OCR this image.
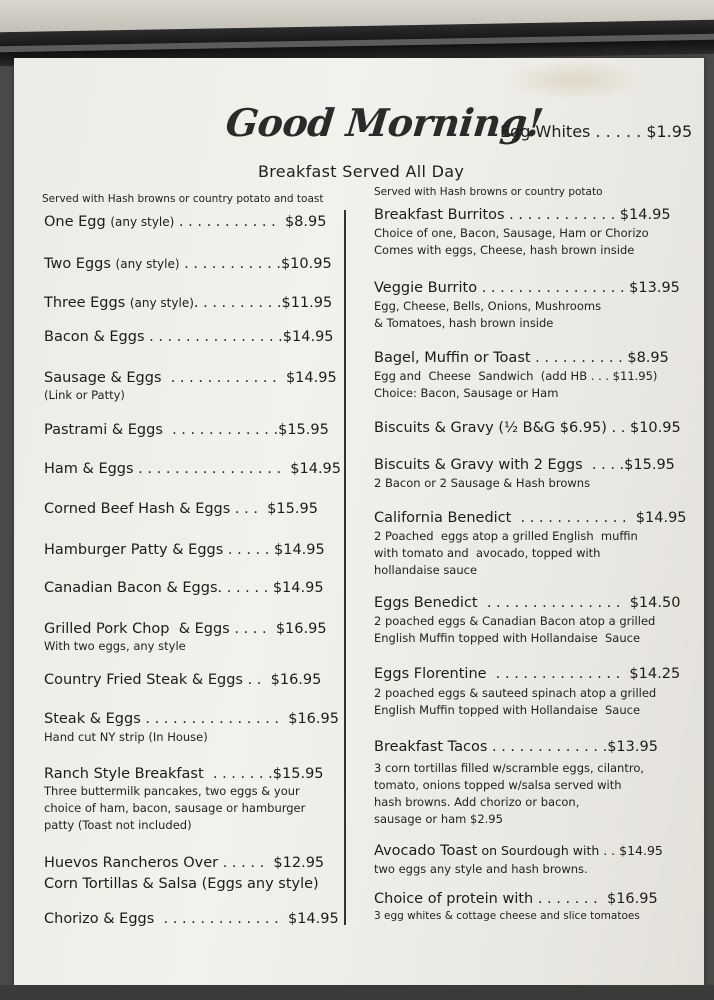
Good Morning!
Egg Whites . . . . . $1.95
Breakfast Served All Day
Served with Hash browns or country potato and toast
One Egg (any style) . . . . . . . . . . .  $8.95
Two Eggs (any style) . . . . . . . . . . .$10.95
Three Eggs (any style). . . . . . . . . .$11.95
Bacon & Eggs . . . . . . . . . . . . . . .$14.95
Sausage & Eggs  . . . . . . . . . . . .  $14.95
(Link or Patty)
Pastrami & Eggs  . . . . . . . . . . . .$15.95
Ham & Eggs . . . . . . . . . . . . . . . .  $14.95
Corned Beef Hash & Eggs . . .  $15.95
Hamburger Patty & Eggs . . . . . $14.95
Canadian Bacon & Eggs. . . . . . $14.95
Grilled Pork Chop  & Eggs . . . .  $16.95
With two eggs, any style
Country Fried Steak & Eggs . .  $16.95
Steak & Eggs . . . . . . . . . . . . . . .  $16.95
Hand cut NY strip (In House)
Ranch Style Breakfast  . . . . . . .$15.95
Three buttermilk pancakes, two eggs & your
choice of ham, bacon, sausage or hamburger
patty (Toast not included)
Huevos Rancheros Over . . . . .  $12.95
Corn Tortillas & Salsa (Eggs any style)
Chorizo & Eggs  . . . . . . . . . . . . .  $14.95
Served with Hash browns or country potato
Breakfast Burritos . . . . . . . . . . . . $14.95
Choice of one, Bacon, Sausage, Ham or Chorizo
Comes with eggs, Cheese, hash brown inside
Veggie Burrito . . . . . . . . . . . . . . . . $13.95
Egg, Cheese, Bells, Onions, Mushrooms
& Tomatoes, hash brown inside
Bagel, Muffin or Toast . . . . . . . . . . $8.95
Egg and  Cheese  Sandwich  (add HB . . . $11.95)
Choice: Bacon, Sausage or Ham
Biscuits & Gravy (½ B&G $6.95) . . $10.95
Biscuits & Gravy with 2 Eggs  . . . .$15.95
2 Bacon or 2 Sausage & Hash browns
California Benedict  . . . . . . . . . . . .  $14.95
2 Poached  eggs atop a grilled English  muffin
with tomato and  avocado, topped with
hollandaise sauce
Eggs Benedict  . . . . . . . . . . . . . . .  $14.50
2 poached eggs & Canadian Bacon atop a grilled
English Muffin topped with Hollandaise  Sauce
Eggs Florentine  . . . . . . . . . . . . . .  $14.25
2 poached eggs & sauteed spinach atop a grilled
English Muffin topped with Hollandaise  Sauce
Breakfast Tacos . . . . . . . . . . . . .$13.95
3 corn tortillas filled w/scramble eggs, cilantro,
tomato, onions topped w/salsa served with
hash browns. Add chorizo or bacon,
sausage or ham $2.95
Avocado Toast on Sourdough with . . $14.95
two eggs any style and hash browns.
Choice of protein with . . . . . . .  $16.95
3 egg whites & cottage cheese and slice tomatoes
